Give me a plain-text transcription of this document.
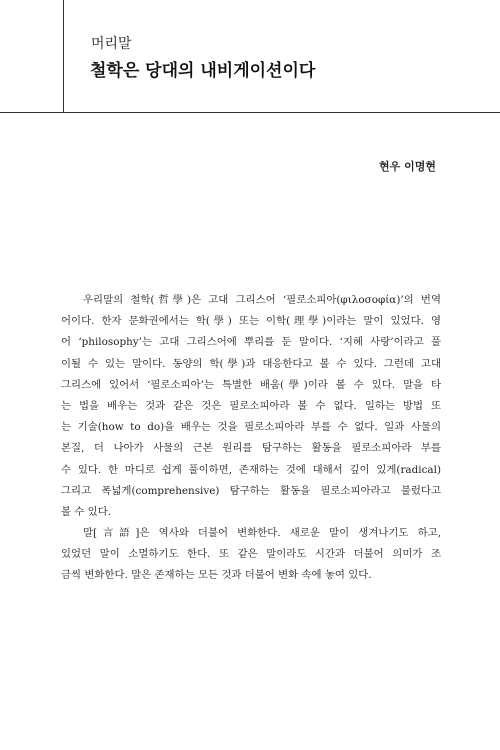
머리말
철학은 당대의 내비게이션이다
현우 이명현
우리말의 철학(哲學)은 고대 그리스어 ‘필로소피아(φιλοσοφία)’의 번역
어이다. 한자 문화권에서는 학(學) 또는 이학(理學)이라는 말이 있었다. 영
어 ‘philosophy’는 고대 그리스어에 뿌리를 둔 말이다. ‘지혜 사랑’이라고 풀
이될 수 있는 말이다. 동양의 학(學)과 대응한다고 볼 수 있다. 그런데 고대
그리스에 있어서 ‘필로소피아’는 특별한 배움(學)이라 볼 수 있다. 말을 타
는 법을 배우는 것과 같은 것은 필로소피아라 볼 수 없다. 일하는 방법 또
는 기술(how to do)을 배우는 것을 필로소피아라 부를 수 없다. 일과 사물의
본질, 더 나아가 사물의 근본 원리를 탐구하는 활동을 필로소피아라 부를
수 있다. 한 마디로 쉽게 풀이하면, 존재하는 것에 대해서 깊이 있게(radical)
그리고 폭넓게(comprehensive) 탐구하는 활동을 필로소피아라고 불렀다고
볼 수 있다.
말[言語]은 역사와 더불어 변화한다. 새로운 말이 생겨나기도 하고,
있었던 말이 소멸하기도 한다. 또 같은 말이라도 시간과 더불어 의미가 조
금씩 변화한다. 말은 존재하는 모든 것과 더불어 변화 속에 놓여 있다.
